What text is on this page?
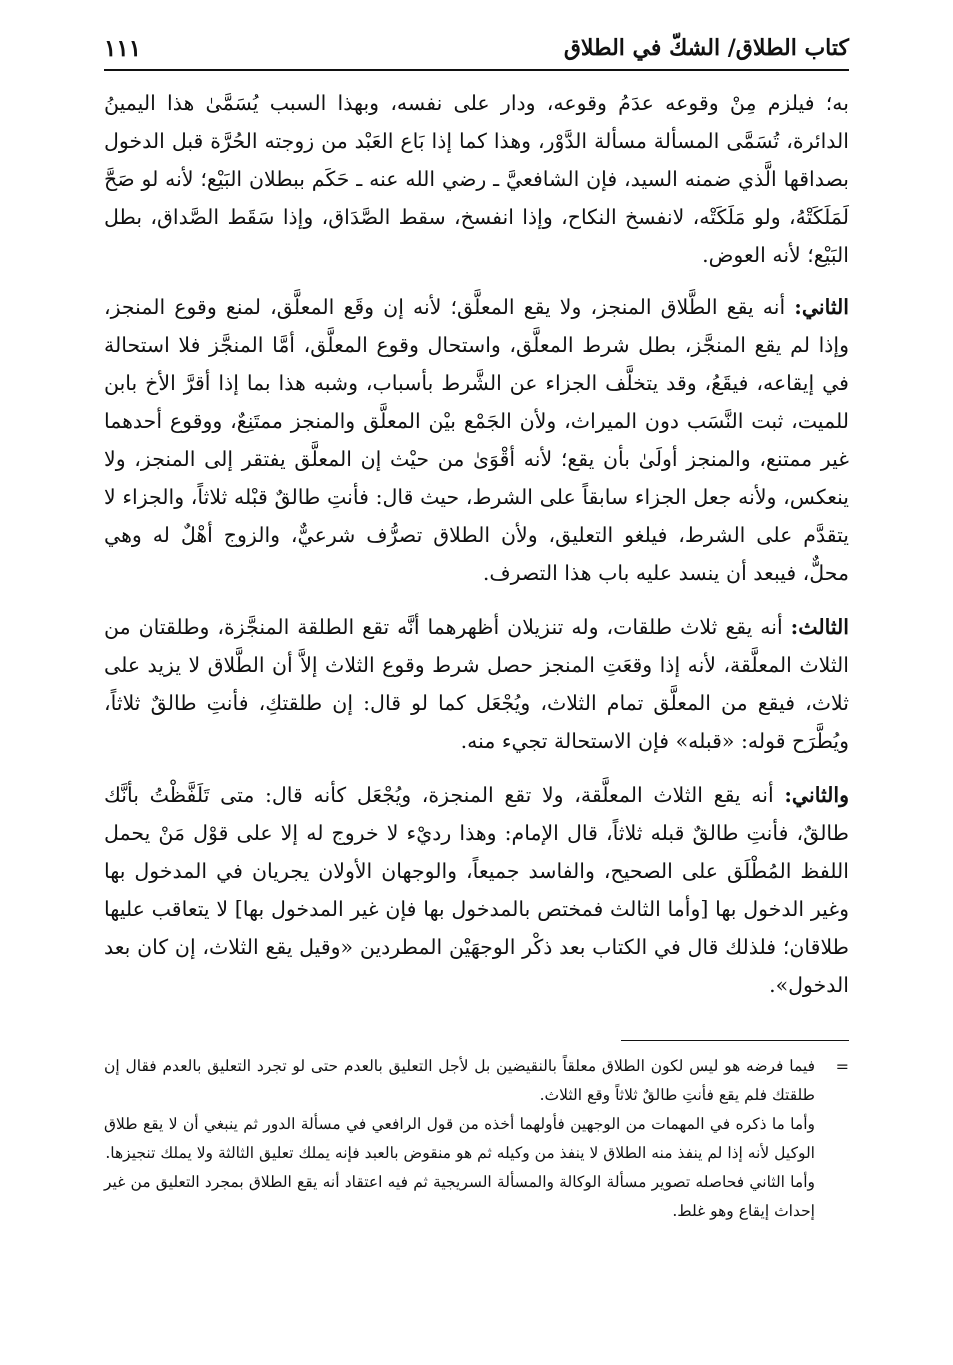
كتاب الطلاق/ الشكّ في الطلاق
١١١

به؛ فيلزم مِنْ وقوعه عدَمُ وقوعه، ودار على نفسه، وبهذا السبب يُسَمَّىٰ هذا اليمينُ الدائرة، تُسَمَّى المسألة مسألة الدَّوْر، وهذا كما إذا بَاع العَبْد من زوجته الحُرَّة قبل الدخول بصداقها الَّذي ضمنه السيد، فإن الشافعيَّ ـ رضي الله عنه ـ حَكَم ببطلان البَيْع؛ لأنه لو صَحَّ لَمَلَكَتْهُ، ولو مَلَكَتْه، لانفسخ النكاح، وإذا انفسخ، سقط الصَّدَاق، وإذا سَقَط الصَّداق، بطل البَيْع؛ لأنه العوض.

الثاني: أنه يقع الطَّلاق المنجز، ولا يقع المعلَّق؛ لأنه إن وقَع المعلَّق، لمنع وقوع المنجز، وإذا لم يقع المنجَّز، بطل شرط المعلَّق، واستحال وقوع المعلَّق، أمَّا المنجَّز فلا استحالة في إيقاعه، فيقَعُ، وقد يتخلَّف الجزاء عن الشَّرط بأسباب، وشبه هذا بما إذا أقرَّ الأخ بابن للميت، ثبت النَّسَب دون الميراث، ولأن الجَمْع بيْن المعلَّق والمنجز ممتَنِعٌ، ووقوع أحدهما غير ممتنع، والمنجز أولَىٰ بأن يقع؛ لأنه أقْوَىٰ من حيْث إن المعلَّق يفتقر إلى المنجز، ولا ينعكس، ولأنه جعل الجزاء سابقاً على الشرط، حيث قال: فأنتِ طالقٌ قبْله ثلاثاً، والجزاء لا يتقدَّم على الشرط، فيلغو التعليق، ولأن الطلاق تصرُّف شرعيٌّ، والزوج أهْلٌ له وهي محلٌّ، فيبعد أن ينسد عليه باب هذا التصرف.

الثالث: أنه يقع ثلاث طلقات، وله تنزيلان أظهرهما أنَّه تقع الطلقة المنجَّزة، وطلقتان من الثلاث المعلَّقة، لأنه إذا وقعَتِ المنجز حصل شرط وقوع الثلاث إلاَّ أن الطَّلاق لا يزيد على ثلاث، فيقع من المعلَّق تمام الثلاث، ويُجْعَل كما لو قال: إن طلقتكِ، فأنتِ طالقٌ ثلاثاً، ويُطَّرَح قوله: «قبله» فإن الاستحالة تجيء منه.

والثاني: أنه يقع الثلاث المعلَّقة، ولا تقع المنجزة، ويُجْعَل كأنه قال: متى تَلَفَّظْتُ بأنَّك طالقٌ، فأنتِ طالقٌ قبله ثلاثاً، قال الإمام: وهذا رديْء لا خروج له إلا على قوْل مَنْ يحمل اللفظ المُطْلَق على الصحيح، والفاسد جميعاً، والوجهان الأولان يجريان في المدخول بها وغير الدخول بها [وأما الثالث فمختص بالمدخول بها فإن غير المدخول بها] لا يتعاقب عليها طلاقان؛ فلذلك قال في الكتاب بعد ذكْر الوجهَيْن المطردين «وقيل يقع الثلاث، إن كان بعد الدخول».

=

فيما فرضه هو ليس لكون الطلاق معلقاً بالنقيضين بل لأجل التعليق بالعدم حتى لو تجرد التعليق بالعدم فقال إن طلقتك فلم يقع فأنتِ طالقٌ ثلاثاً وقع الثلاث.

وأما ما ذكره في المهمات من الوجهين فأولهما أخذه من قول الرافعي في مسألة الدور ثم ينبغي أن لا يقع طلاق الوكيل لأنه إذا لم ينفذ منه الطلاق لا ينفذ من وكيله ثم هو منقوض بالعبد فإنه يملك تعليق الثالثة ولا يملك تنجيزها.

وأما الثاني فحاصله تصوير مسألة الوكالة والمسألة السريجية ثم فيه اعتقاد أنه يقع الطلاق بمجرد التعليق من غير إحداث إيقاع وهو غلط.
